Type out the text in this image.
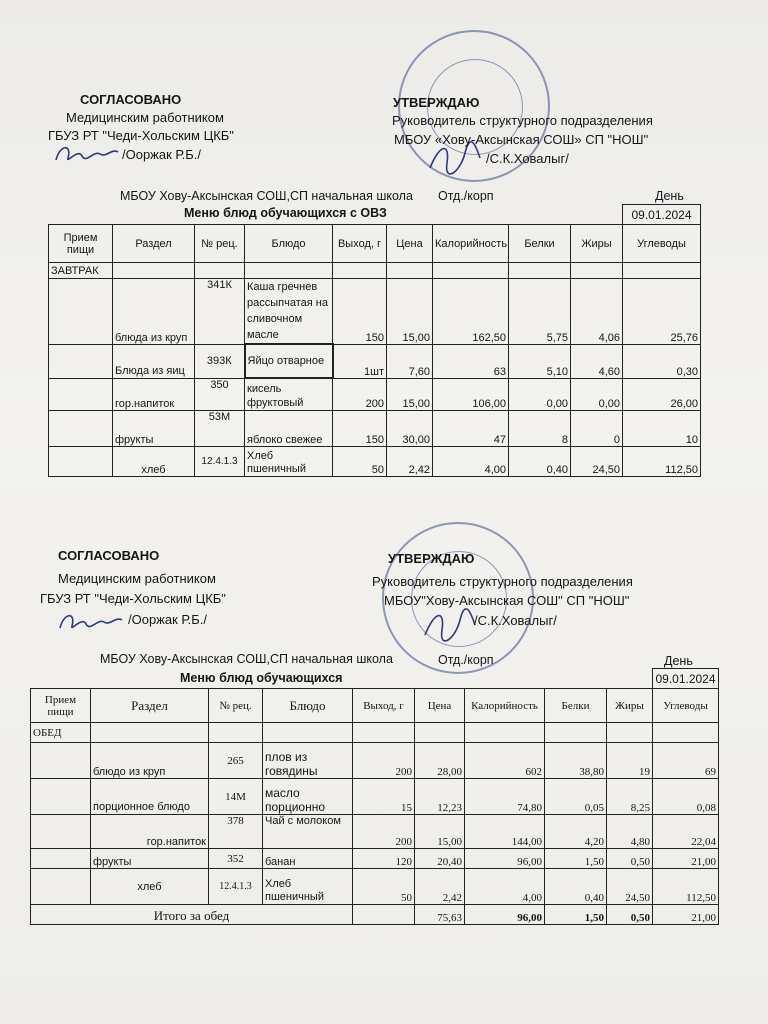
СОГЛАСОВАНО
Медицинским работником
ГБУЗ РТ "Чеди-Хольским ЦКБ"
/Ооржак Р.Б./
УТВЕРЖДАЮ
Руководитель структурного подразделения
МБОУ «Хову-Аксынская СОШ» СП "НОШ"
/С.К.Ховалыг/
МБОУ Хову-Аксынская СОШ,СП начальная школа Отд./корп	День
Меню блюд обучающихся с ОВЗ
									09.01.2024
Прием пищи	Раздел	№ рец.	Блюдо	Выход, г	Цена	Калорийность	Белки	Жиры	Углеводы
ЗАВТРАК									
	блюда из круп	341К	Каша гречнев рассыпчатая на сливочном масле	150	15,00	162,50	5,75	4,06	25,76
	Блюда из яиц	393К	Яйцо отварное	1шт	7,60	63	5,10	4,60	0,30
	гор.напиток	350	кисель фруктовый	200	15,00	106,00	0,00	0,00	26,00
	фрукты	53М	яблоко свежее	150	30,00	47	8	0	10
	хлеб	12.4.1.3	Хлеб пшеничный	50	2,42	4,00	0,40	24,50	112,50
СОГЛАСОВАНО
Медицинским работником
ГБУЗ РТ "Чеди-Хольским ЦКБ"
/Ооржак Р.Б./
УТВЕРЖДАЮ
Руководитель структурного подразделения
МБОУ"Хову-Аксынская СОШ" СП "НОШ"
/С.К.Ховалыг/
МБОУ Хову-Аксынская СОШ,СП начальная школа	Отд./корп	День
Меню блюд обучающихся
									09.01.2024
Прием пищи	Раздел	№ рец.	Блюдо	Выход, г	Цена	Калорийность	Белки	Жиры	Углеводы
ОБЕД									
	блюдо из круп	265	плов из говядины	200	28,00	602	38,80	19	69
	порционное блюдо	14М	масло порционно	15	12,23	74,80	0,05	8,25	0,08
	гор.напиток	378	Чай с молоком	200	15,00	144,00	4,20	4,80	22,04
	фрукты	352	банан	120	20,40	96,00	1,50	0,50	21,00
	хлеб	12.4.1.3	Хлеб пшеничный	50	2,42	4,00	0,40	24,50	112,50
Итого за обед					75,63	96,00	1,50	0,50	21,00
